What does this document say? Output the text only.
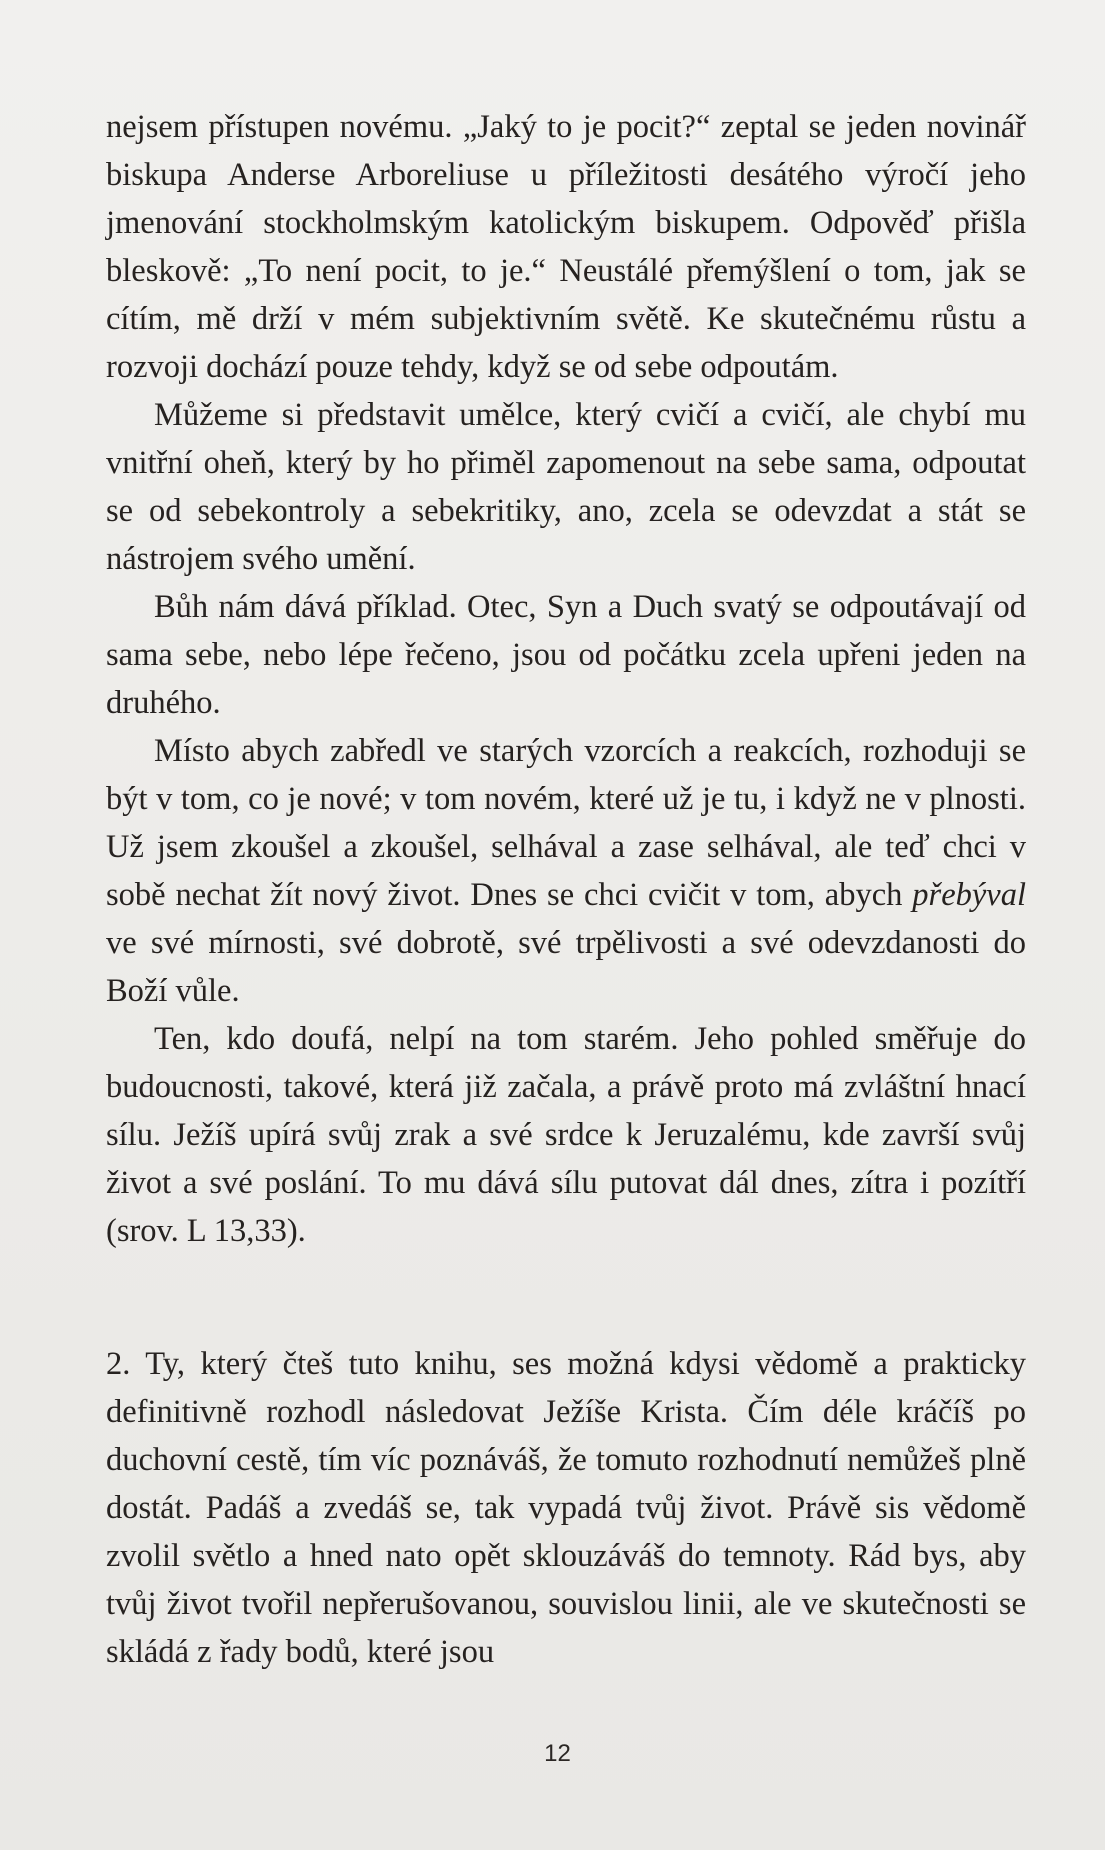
nejsem přístupen novému. „Jaký to je pocit?“ zeptal se jeden novinář biskupa Anderse Arboreliuse u příležitosti desátého výročí jeho jmenování stockholmským katolickým biskupem. Odpověď přišla bleskově: „To není pocit, to je.“ Neustálé přemýšlení o tom, jak se cítím, mě drží v mém subjektivním světě. Ke skutečnému růstu a rozvoji dochází pouze tehdy, když se od sebe odpoutám.

Můžeme si představit umělce, který cvičí a cvičí, ale chybí mu vnitřní oheň, který by ho přiměl zapomenout na sebe sama, odpoutat se od sebekontroly a sebekritiky, ano, zcela se odevzdat a stát se nástrojem svého umění.

Bůh nám dává příklad. Otec, Syn a Duch svatý se odpoutávají od sama sebe, nebo lépe řečeno, jsou od počátku zcela upřeni jeden na druhého.

Místo abych zabředl ve starých vzorcích a reakcích, rozhoduji se být v tom, co je nové; v tom novém, které už je tu, i když ne v plnosti. Už jsem zkoušel a zkoušel, selhával a zase selhával, ale teď chci v sobě nechat žít nový život. Dnes se chci cvičit v tom, abych přebýval ve své mírnosti, své dobrotě, své trpělivosti a své odevzdanosti do Boží vůle.

Ten, kdo doufá, nelpí na tom starém. Jeho pohled směřuje do budoucnosti, takové, která již začala, a právě proto má zvláštní hnací sílu. Ježíš upírá svůj zrak a své srdce k Jeruzalému, kde završí svůj život a své poslání. To mu dává sílu putovat dál dnes, zítra i pozítří (srov. L 13,33).

2. Ty, který čteš tuto knihu, ses možná kdysi vědomě a prakticky definitivně rozhodl následovat Ježíše Krista. Čím déle kráčíš po duchovní cestě, tím víc poznáváš, že tomuto rozhodnutí nemůžeš plně dostát. Padáš a zvedáš se, tak vypadá tvůj život. Právě sis vědomě zvolil světlo a hned nato opět sklouzáváš do temnoty. Rád bys, aby tvůj život tvořil nepřerušovanou, souvislou linii, ale ve skutečnosti se skládá z řady bodů, které jsou

12
